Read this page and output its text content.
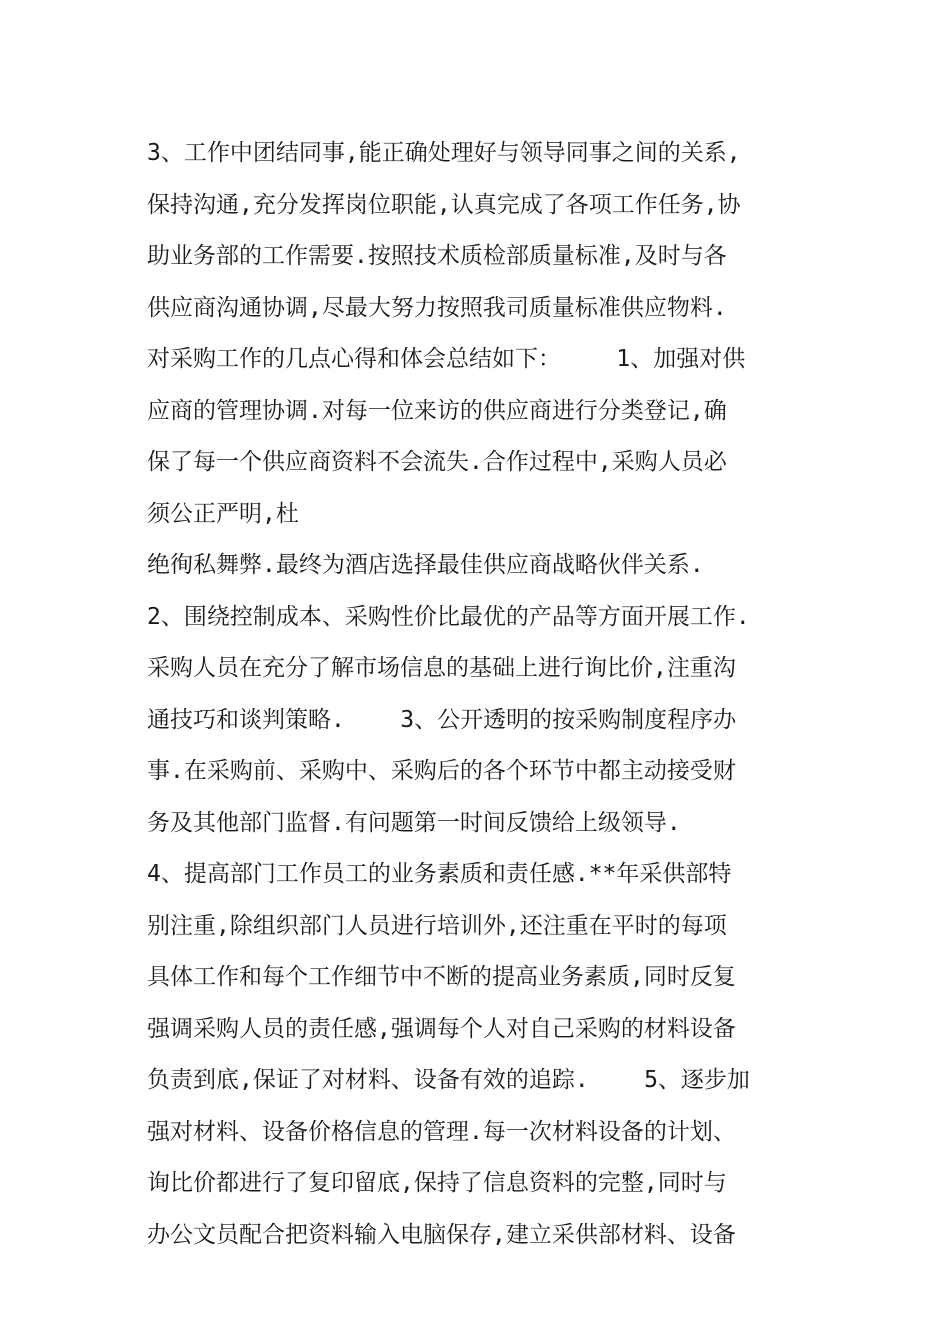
3、工作中团结同事,能正确处理好与领导同事之间的关系,
保持沟通,充分发挥岗位职能,认真完成了各项工作任务,协
助业务部的工作需要.按照技术质检部质量标准,及时与各
供应商沟通协调,尽最大努力按照我司质量标准供应物料.
对采购工作的几点心得和体会总结如下：    1、加强对供
应商的管理协调.对每一位来访的供应商进行分类登记,确
保了每一个供应商资料不会流失.合作过程中,采购人员必
须公正严明,杜
绝徇私舞弊.最终为酒店选择最佳供应商战略伙伴关系.
2、围绕控制成本、采购性价比最优的产品等方面开展工作.
采购人员在充分了解市场信息的基础上进行询比价,注重沟
通技巧和谈判策略.    3、公开透明的按采购制度程序办
事.在采购前、采购中、采购后的各个环节中都主动接受财
务及其他部门监督.有问题第一时间反馈给上级领导.
4、提高部门工作员工的业务素质和责任感.**年采供部特
别注重,除组织部门人员进行培训外,还注重在平时的每项
具体工作和每个工作细节中不断的提高业务素质,同时反复
强调采购人员的责任感,强调每个人对自己采购的材料设备
负责到底,保证了对材料、设备有效的追踪.    5、逐步加
强对材料、设备价格信息的管理.每一次材料设备的计划、
询比价都进行了复印留底,保持了信息资料的完整,同时与
办公文员配合把资料输入电脑保存,建立采供部材料、设备
